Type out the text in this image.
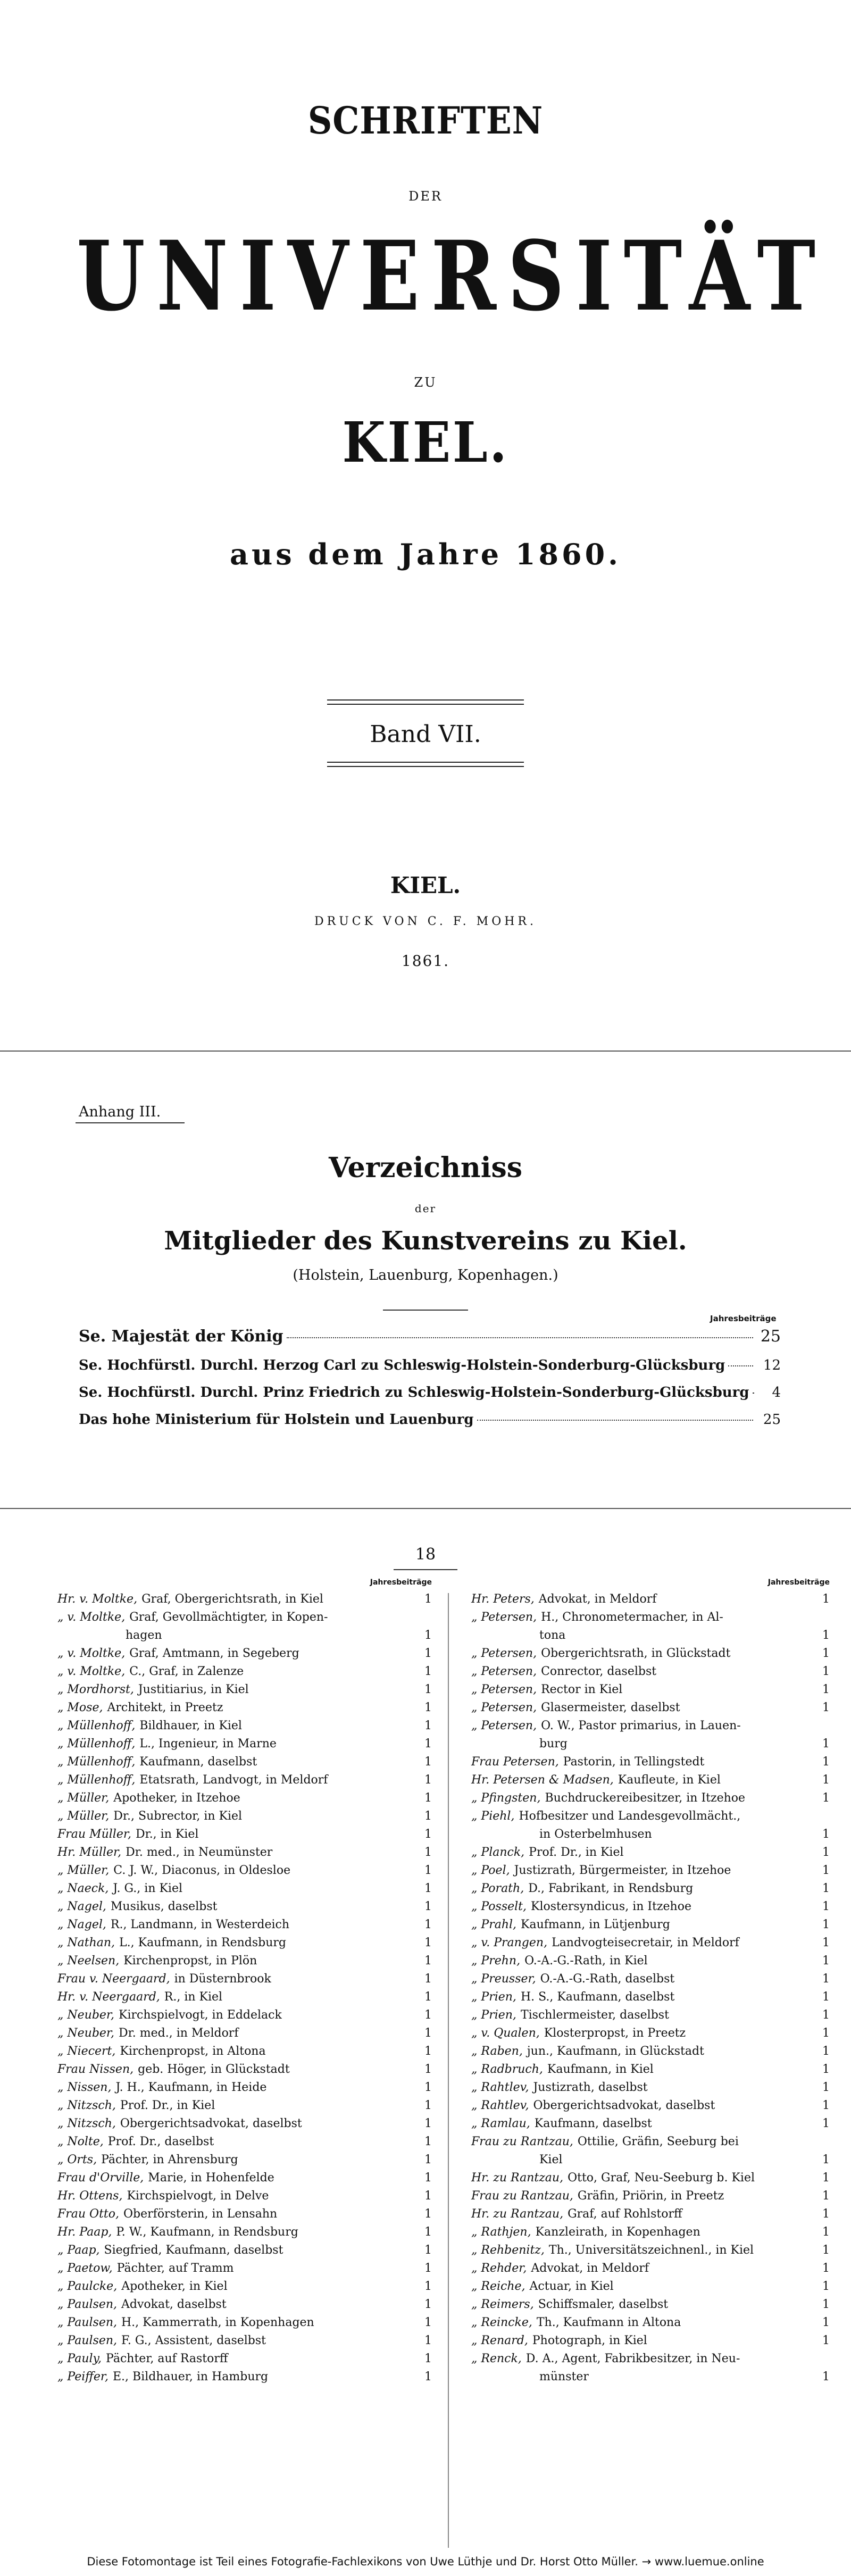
SCHRIFTEN
DER
UNIVERSITÄT
ZU
KIEL.
aus dem Jahre 1860.
Band VII.
KIEL.
DRUCK VON C. F. MOHR.
1861.
Anhang III.
Verzeichniss
der
Mitglieder des Kunstvereins zu Kiel.
(Holstein, Lauenburg, Kopenhagen.)
Jahresbeiträge
Se. Majestät der König	25
Se. Hochfürstl. Durchl. Herzog Carl zu Schleswig-Holstein-Sonderburg-Glücksburg	12
Se. Hochfürstl. Durchl. Prinz Friedrich zu Schleswig-Holstein-Sonderburg-Glücksburg	4
Das hohe Ministerium für Holstein und Lauenburg	25
18
Jahresbeiträge
Hr. v. Moltke, Graf, Obergerichtsrath, in Kiel	1
„ v. Moltke, Graf, Gevollmächtigter, in Kopen-
hagen	1
„ v. Moltke, Graf, Amtmann, in Segeberg	1
„ v. Moltke, C., Graf, in Zalenze	1
„ Mordhorst, Justitiarius, in Kiel	1
„ Mose, Architekt, in Preetz	1
„ Müllenhoff, Bildhauer, in Kiel	1
„ Müllenhoff, L., Ingenieur, in Marne	1
„ Müllenhoff, Kaufmann, daselbst	1
„ Müllenhoff, Etatsrath, Landvogt, in Meldorf	1
„ Müller, Apotheker, in Itzehoe	1
„ Müller, Dr., Subrector, in Kiel	1
Frau Müller, Dr., in Kiel	1
Hr. Müller, Dr. med., in Neumünster	1
„ Müller, C. J. W., Diaconus, in Oldesloe	1
„ Naeck, J. G., in Kiel	1
„ Nagel, Musikus, daselbst	1
„ Nagel, R., Landmann, in Westerdeich	1
„ Nathan, L., Kaufmann, in Rendsburg	1
„ Neelsen, Kirchenpropst, in Plön	1
Frau v. Neergaard, in Düsternbrook	1
Hr. v. Neergaard, R., in Kiel	1
„ Neuber, Kirchspielvogt, in Eddelack	1
„ Neuber, Dr. med., in Meldorf	1
„ Niecert, Kirchenpropst, in Altona	1
Frau Nissen, geb. Höger, in Glückstadt	1
„ Nissen, J. H., Kaufmann, in Heide	1
„ Nitzsch, Prof. Dr., in Kiel	1
„ Nitzsch, Obergerichtsadvokat, daselbst	1
„ Nolte, Prof. Dr., daselbst	1
„ Orts, Pächter, in Ahrensburg	1
Frau d'Orville, Marie, in Hohenfelde	1
Hr. Ottens, Kirchspielvogt, in Delve	1
Frau Otto, Oberförsterin, in Lensahn	1
Hr. Paap, P. W., Kaufmann, in Rendsburg	1
„ Paap, Siegfried, Kaufmann, daselbst	1
„ Paetow, Pächter, auf Tramm	1
„ Paulcke, Apotheker, in Kiel	1
„ Paulsen, Advokat, daselbst	1
„ Paulsen, H., Kammerrath, in Kopenhagen	1
„ Paulsen, F. G., Assistent, daselbst	1
„ Pauly, Pächter, auf Rastorff	1
„ Peiffer, E., Bildhauer, in Hamburg	1
Jahresbeiträge
Hr. Peters, Advokat, in Meldorf	1
„ Petersen, H., Chronometermacher, in Al-
tona	1
„ Petersen, Obergerichtsrath, in Glückstadt	1
„ Petersen, Conrector, daselbst	1
„ Petersen, Rector in Kiel	1
„ Petersen, Glasermeister, daselbst	1
„ Petersen, O. W., Pastor primarius, in Lauen-
burg	1
Frau Petersen, Pastorin, in Tellingstedt	1
Hr. Petersen & Madsen, Kaufleute, in Kiel	1
„ Pfingsten, Buchdruckereibesitzer, in Itzehoe	1
„ Piehl, Hofbesitzer und Landesgevollmächt.,
in Osterbelmhusen	1
„ Planck, Prof. Dr., in Kiel	1
„ Poel, Justizrath, Bürgermeister, in Itzehoe	1
„ Porath, D., Fabrikant, in Rendsburg	1
„ Posselt, Klostersyndicus, in Itzehoe	1
„ Prahl, Kaufmann, in Lütjenburg	1
„ v. Prangen, Landvogteisecretair, in Meldorf	1
„ Prehn, O.-A.-G.-Rath, in Kiel	1
„ Preusser, O.-A.-G.-Rath, daselbst	1
„ Prien, H. S., Kaufmann, daselbst	1
„ Prien, Tischlermeister, daselbst	1
„ v. Qualen, Klosterpropst, in Preetz	1
„ Raben, jun., Kaufmann, in Glückstadt	1
„ Radbruch, Kaufmann, in Kiel	1
„ Rahtlev, Justizrath, daselbst	1
„ Rahtlev, Obergerichtsadvokat, daselbst	1
„ Ramlau, Kaufmann, daselbst	1
Frau zu Rantzau, Ottilie, Gräfin, Seeburg bei
Kiel	1
Hr. zu Rantzau, Otto, Graf, Neu-Seeburg b. Kiel	1
Frau zu Rantzau, Gräfin, Priörin, in Preetz	1
Hr. zu Rantzau, Graf, auf Rohlstorff	1
„ Rathjen, Kanzleirath, in Kopenhagen	1
„ Rehbenitz, Th., Universitätszeichnenl., in Kiel	1
„ Rehder, Advokat, in Meldorf	1
„ Reiche, Actuar, in Kiel	1
„ Reimers, Schiffsmaler, daselbst	1
„ Reincke, Th., Kaufmann in Altona	1
„ Renard, Photograph, in Kiel	1
„ Renck, D. A., Agent, Fabrikbesitzer, in Neu-
münster	1
Diese Fotomontage ist Teil eines Fotografie-Fachlexikons von Uwe Lüthje und Dr. Horst Otto Müller. → www.luemue.online
